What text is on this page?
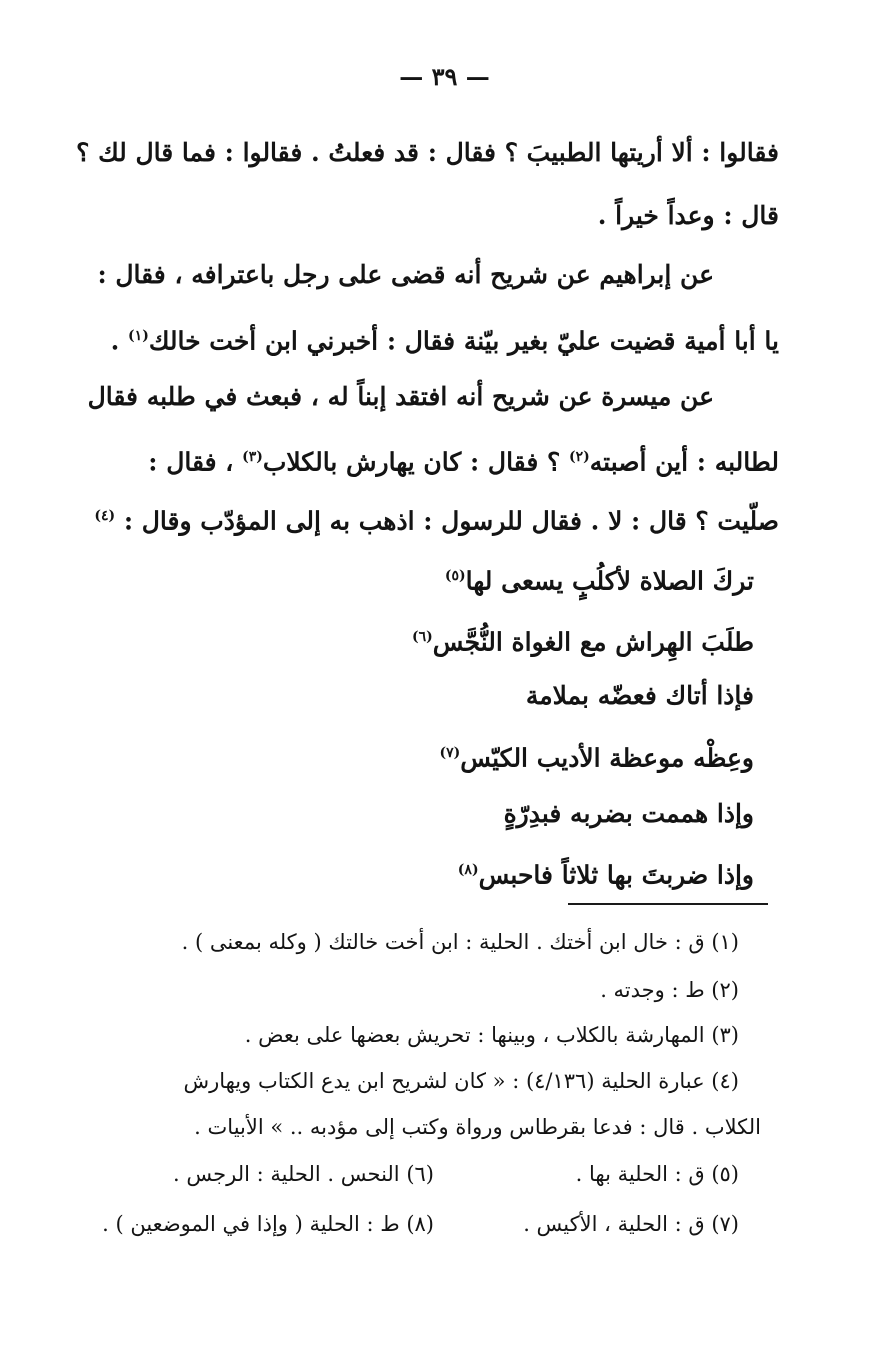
— ٣٩ —
فقالوا : ألا أريتها الطبيبَ ؟ فقال : قد فعلتُ . فقالوا : فما قال لك ؟
قال : وعداً خيراً .
عن إبراهيم عن شريح أنه قضى على رجل باعترافه ، فقال :
يا أبا أمية قضيت عليّ بغير بيّنة فقال : أخبرني ابن أخت خالك$^{(١)}$ .
عن ميسرة عن شريح أنه افتقد إبناً له ، فبعث في طلبه فقال
لطالبه : أين أصبته$^{(٢)}$ ؟ فقال : كان يهارش بالكلاب$^{(٣)}$ ، فقال :
صلّيت ؟ قال : لا . فقال للرسول : اذهب به إلى المؤدّب وقال : $^{(٤)}$
تركَ الصلاة لأكلُبٍ يسعى لها$^{(٥)}$
طلَبَ الهِراش مع الغواة النُّجَّس$^{(٦)}$
فإذا أتاك فعضّه بملامة
وعِظْه موعظة الأديب الكيّس$^{(٧)}$
وإذا هممت بضربه فبدِرّةٍ
وإذا ضربتَ بها ثلاثاً فاحبس$^{(٨)}$
(١) ق : خال ابن أختك . الحلية : ابن أخت خالتك ( وكله بمعنى ) .
(٢) ط : وجدته .
(٣) المهارشة بالكلاب ، وبينها : تحريش بعضها على بعض .
(٤) عبارة الحلية (٤/١٣٦) : « كان لشريح ابن يدع الكتاب ويهارش
الكلاب . قال : فدعا بقرطاس ورواة وكتب إلى مؤدبه .. » الأبيات .
(٥) ق : الحلية بها .
(٦) النحس . الحلية : الرجس .
(٧) ق : الحلية ، الأكيس .
(٨) ط : الحلية ( وإذا في الموضعين ) .
